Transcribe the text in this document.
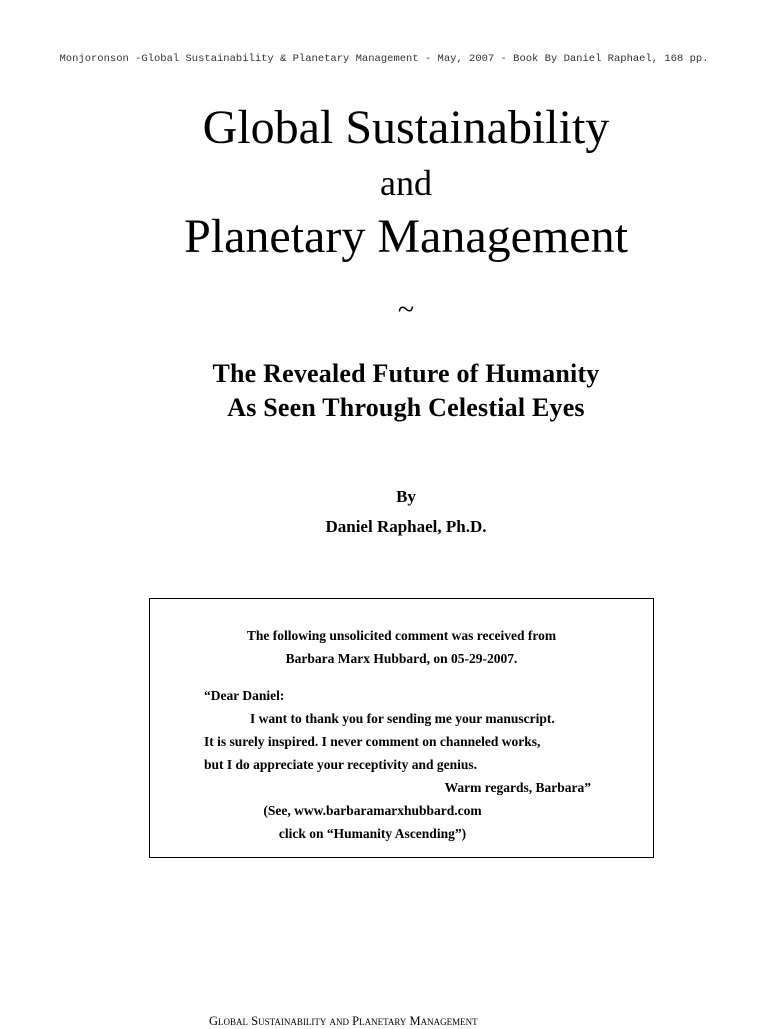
Monjoronson -Global Sustainability & Planetary Management - May, 2007 - Book By Daniel Raphael, 168 pp.
Global Sustainability
and
Planetary Management
~
The Revealed Future of Humanity
As Seen Through Celestial Eyes
By
Daniel Raphael, Ph.D.
The following unsolicited comment was received from
Barbara Marx Hubbard, on 05-29-2007.
“Dear Daniel:
I want to thank you for sending me your manuscript.
It is surely inspired. I never comment on channeled works,
but I do appreciate your receptivity and genius.
Warm regards, Barbara”
(See, www.barbaramarxhubbard.com
click on “Humanity Ascending”)
Global Sustainability and Planetary Management
